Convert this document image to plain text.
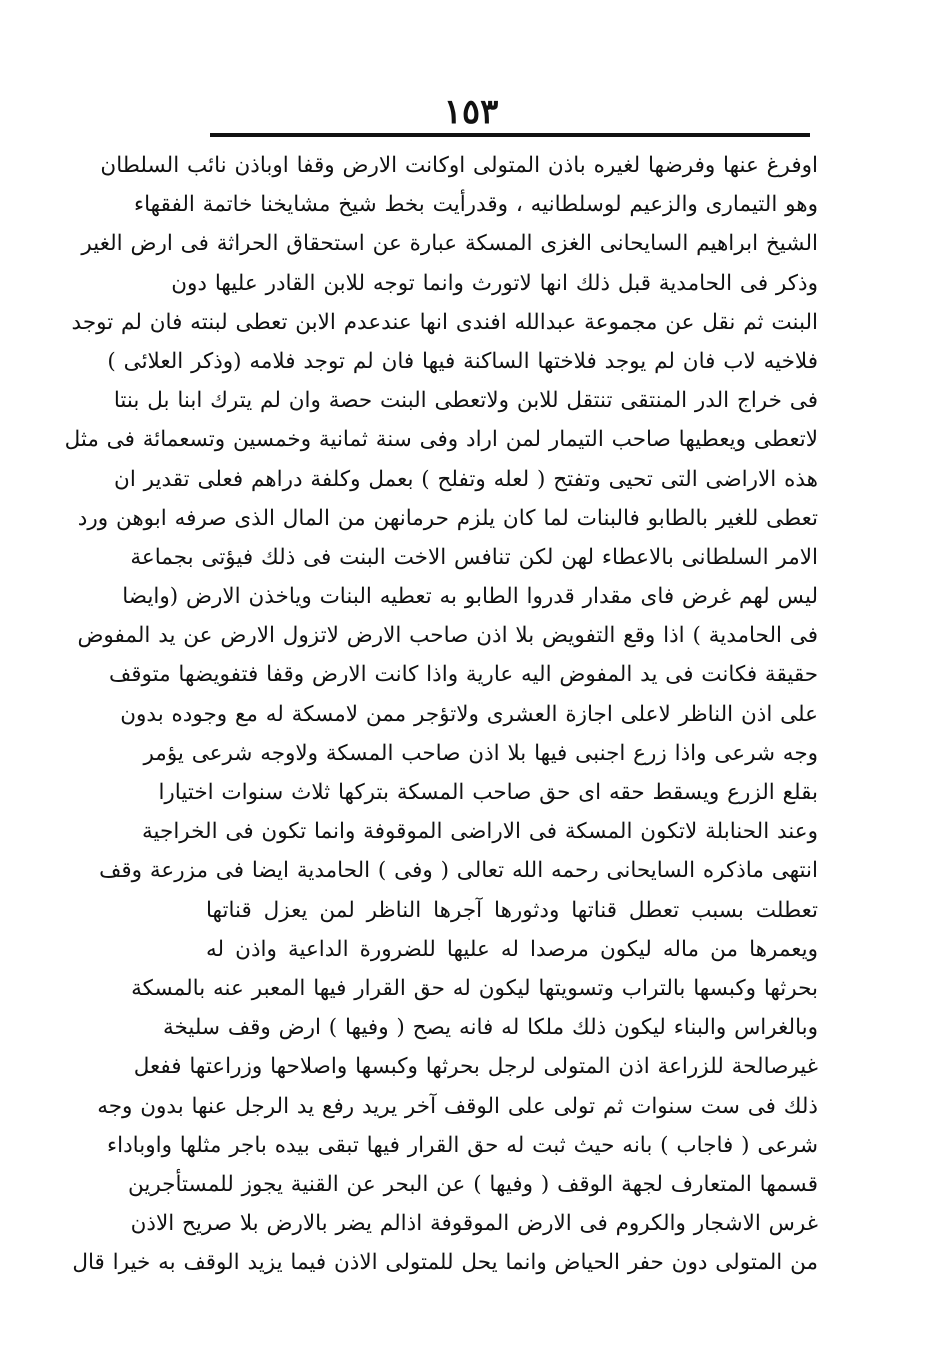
١٥٣
اوفرغ عنها وفرضها لغيره باذن المتولى اوكانت الارض وقفا اوباذن نائب السلطان
وهو التيمارى والزعيم لوسلطانيه ، وقدرأيت بخط شيخ مشايخنا خاتمة الفقهاء
الشيخ ابراهيم السايحانى الغزى المسكة عبارة عن استحقاق الحراثة فى ارض الغير
وذكر فى الحامدية قبل ذلك انها لاتورث وانما توجه للابن القادر عليها دون
البنت ثم نقل عن مجموعة عبدالله افندى انها عندعدم الابن تعطى لبنته فان لم توجد
فلاخيه لاب فان لم يوجد فلاختها الساكنة فيها فان لم توجد فلامه (وذكر العلائى )
فى خراج الدر المنتقى تنتقل للابن ولاتعطى البنت حصة وان لم يترك ابنا بل بنتا
لاتعطى ويعطيها صاحب التيمار لمن اراد وفى سنة ثمانية وخمسين وتسعمائة فى مثل
هذه الاراضى التى تحيى وتفتح ( لعله وتفلح ) بعمل وكلفة دراهم فعلى تقدير ان
تعطى للغير بالطابو فالبنات لما كان يلزم حرمانهن من المال الذى صرفه ابوهن ورد
الامر السلطانى بالاعطاء لهن لكن تنافس الاخت البنت فى ذلك فيؤتى بجماعة
ليس لهم غرض فاى مقدار قدروا الطابو به تعطيه البنات وياخذن الارض (وايضا
فى الحامدية ) اذا وقع التفويض بلا اذن صاحب الارض لاتزول الارض عن يد المفوض
حقيقة فكانت فى يد المفوض اليه عارية واذا كانت الارض وقفا فتفويضها متوقف
على اذن الناظر لاعلى اجازة العشرى ولاتؤجر ممن لامسكة له مع وجوده بدون
وجه شرعى واذا زرع اجنبى فيها بلا اذن صاحب المسكة ولاوجه شرعى يؤمر
بقلع الزرع ويسقط حقه اى حق صاحب المسكة بتركها ثلاث سنوات اختيارا
وعند الحنابلة لاتكون المسكة فى الاراضى الموقوفة وانما تكون فى الخراجية
انتهى ماذكره السايحانى رحمه الله تعالى ( وفى ) الحامدية ايضا فى مزرعة وقف
تعطلت بسبب تعطل قناتها ودثورها آجرها الناظر لمن يعزل قناتها
ويعمرها من ماله ليكون مرصدا له عليها للضرورة الداعية واذن له
بحرثها وكبسها بالتراب وتسويتها ليكون له حق القرار فيها المعبر عنه بالمسكة
وبالغراس والبناء ليكون ذلك ملكا له فانه يصح ( وفيها ) ارض وقف سليخة
غيرصالحة للزراعة اذن المتولى لرجل بحرثها وكبسها واصلاحها وزراعتها ففعل
ذلك فى ست سنوات ثم تولى على الوقف آخر يريد رفع يد الرجل عنها بدون وجه
شرعى ( فاجاب ) بانه حيث ثبت له حق القرار فيها تبقى بيده باجر مثلها واوباداء
قسمها المتعارف لجهة الوقف ( وفيها ) عن البحر عن القنية يجوز للمستأجرين
غرس الاشجار والكروم فى الارض الموقوفة اذالم يضر بالارض بلا صريح الاذن
من المتولى دون حفر الحياض وانما يحل للمتولى الاذن فيما يزيد الوقف به خيرا قال
